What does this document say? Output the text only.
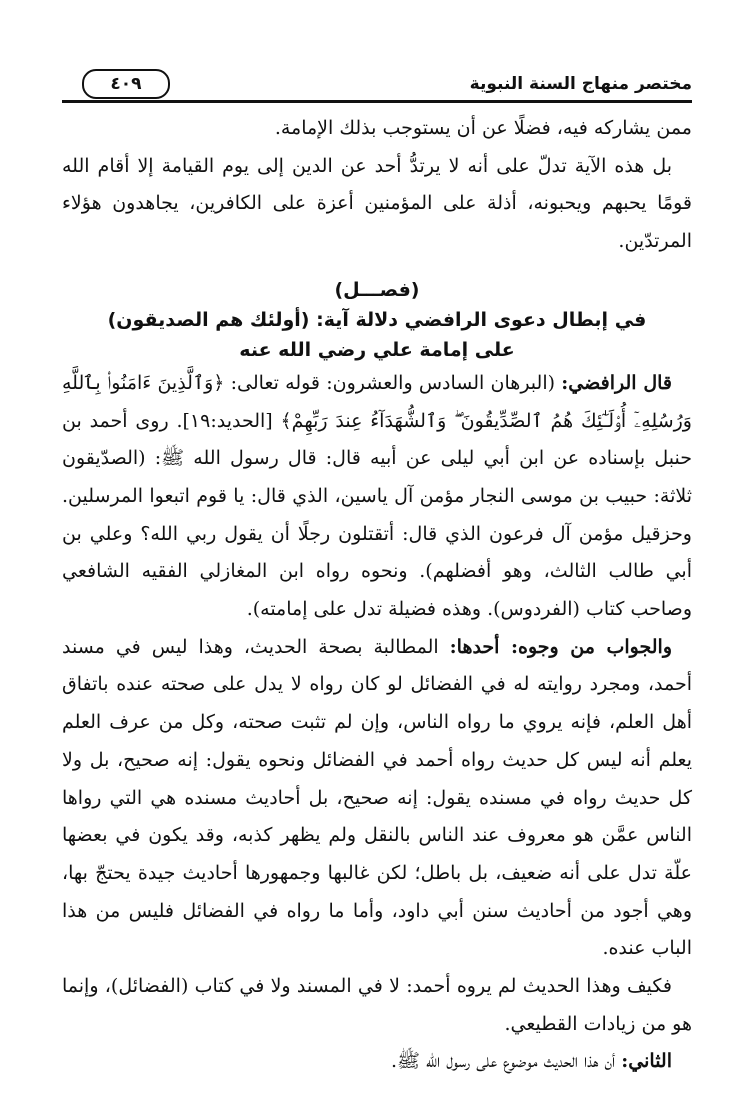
مختصر منهاج السنة النبوية
٤٠٩

ممن يشاركه فيه، فضلًا عن أن يستوجب بذلك الإمامة.

بل هذه الآية تدلّ على أنه لا يرتدُّ أحد عن الدين إلى يوم القيامة إلا أقام الله قومًا يحبهم ويحبونه، أذلة على المؤمنين أعزة على الكافرين، يجاهدون هؤلاء المرتدّين.

(فصـــل)
في إبطال دعوى الرافضي دلالة آية: (أولئك هم الصديقون)
على إمامة علي رضي الله عنه

قال الرافضي: (البرهان السادس والعشرون: قوله تعالى: ﴿وَٱلَّذِينَ ءَامَنُوا۟ بِٱللَّهِ وَرُسُلِهِۦٓ أُو۟لَـٰٓئِكَ هُمُ ٱلصِّدِّيقُونَ ۖ وَٱلشُّهَدَآءُ عِندَ رَبِّهِمْ﴾ [الحديد:١٩]. روى أحمد بن حنبل بإسناده عن ابن أبي ليلى عن أبيه قال: قال رسول الله ﷺ: (الصدّيقون ثلاثة: حبيب بن موسى النجار مؤمن آل ياسين، الذي قال: يا قوم اتبعوا المرسلين. وحزقيل مؤمن آل فرعون الذي قال: أتقتلون رجلًا أن يقول ربي الله؟ وعلي بن أبي طالب الثالث، وهو أفضلهم). ونحوه رواه ابن المغازلي الفقيه الشافعي وصاحب كتاب (الفردوس). وهذه فضيلة تدل على إمامته).

والجواب من وجوه: أحدها: المطالبة بصحة الحديث، وهذا ليس في مسند أحمد، ومجرد روايته له في الفضائل لو كان رواه لا يدل على صحته عنده باتفاق أهل العلم، فإنه يروي ما رواه الناس، وإن لم تثبت صحته، وكل من عرف العلم يعلم أنه ليس كل حديث رواه أحمد في الفضائل ونحوه يقول: إنه صحيح، بل ولا كل حديث رواه في مسنده يقول: إنه صحيح، بل أحاديث مسنده هي التي رواها الناس عمَّن هو معروف عند الناس بالنقل ولم يظهر كذبه، وقد يكون في بعضها علّة تدل على أنه ضعيف، بل باطل؛ لكن غالبها وجمهورها أحاديث جيدة يحتجّ بها، وهي أجود من أحاديث سنن أبي داود، وأما ما رواه في الفضائل فليس من هذا الباب عنده.

فكيف وهذا الحديث لم يروه أحمد: لا في المسند ولا في كتاب (الفضائل)، وإنما هو من زيادات القطيعي.

الثاني: أن هذا الحديث موضوع على رسول الله ﷺ.
